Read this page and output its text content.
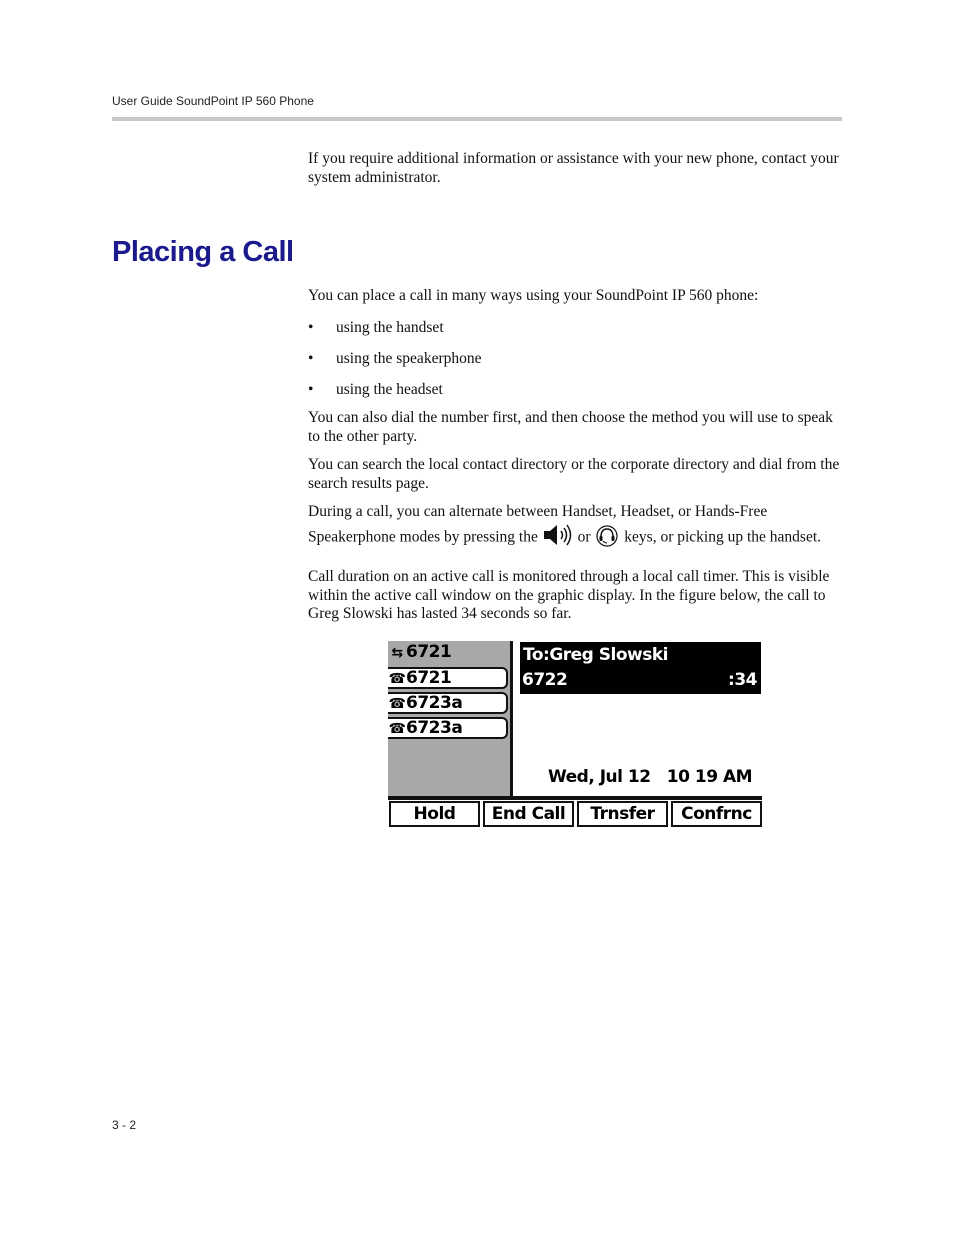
User Guide SoundPoint IP 560 Phone

If you require additional information or assistance with your new phone, contact your system administrator.

Placing a Call

You can place a call in many ways using your SoundPoint IP 560 phone:

• using the handset
• using the speakerphone
• using the headset

You can also dial the number first, and then choose the method you will use to speak to the other party.

You can search the local contact directory or the corporate directory and dial from the search results page.

During a call, you can alternate between Handset, Headset, or Hands-Free Speakerphone modes by pressing the	or keys, or picking up the handset.

Call duration on an active call is monitored through a local call timer. This is visible within the active call window on the graphic display. In the figure below, the call to Greg Slowski has lasted 34 seconds so far.

⇆ 6721
☎6721
☎6723a
☎6723a
To:Greg Slowski
6722	:34
Wed, Jul 12   10 19 AM
Hold	End Call	Trnsfer	Confrnc
3 - 2
